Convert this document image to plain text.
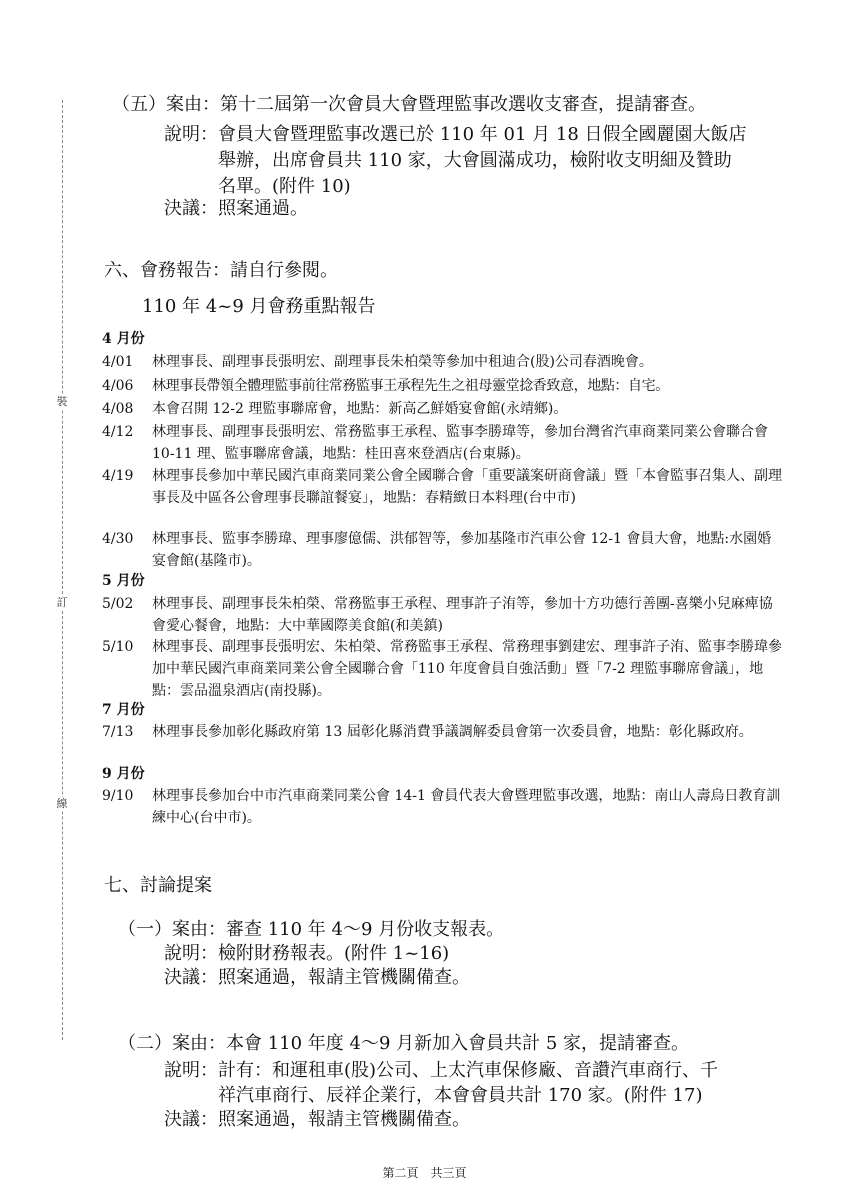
裝
訂
線
（五）案由：第十二屆第一次會員大會暨理監事改選收支審查，提請審查。
說明： 會員大會暨理監事改選已於 110 年 01 月 18 日假全國麗園大飯店
舉辦，出席會員共 110 家，大會圓滿成功，檢附收支明細及贊助
名單。(附件 10)
決議：照案通過。
六、會務報告：請自行參閱。
110 年 4~9 月會務重點報告
4 月份
4/01 林理事長、副理事長張明宏、副理事長朱柏榮等參加中租迪合(股)公司春酒晚會。
4/06 林理事長帶領全體理監事前往常務監事王承程先生之祖母靈堂捻香致意，地點：自宅。
4/08 本會召開 12-2 理監事聯席會，地點：新高乙鮮婚宴會館(永靖鄉)。
4/12 林理事長、副理事長張明宏、常務監事王承程、監事李勝瑋等，參加台灣省汽車商業同業公會聯合會 10-11 理、監事聯席會議，地點：桂田喜來登酒店(台東縣)。
4/19 林理事長參加中華民國汽車商業同業公會全國聯合會「重要議案研商會議」暨「本會監事召集人、副理事長及中區各公會理事長聯誼餐宴」，地點：春精緻日本料理(台中市)
4/30 林理事長、監事李勝瑋、理事廖億儒、洪郁智等，參加基隆市汽車公會 12-1 會員大會，地點:水園婚宴會館(基隆市)。
5 月份
5/02 林理事長、副理事長朱柏榮、常務監事王承程、理事許子洧等，參加十方功德行善團-喜樂小兒麻痺協會愛心餐會，地點：大中華國際美食館(和美鎮)
5/10 林理事長、副理事長張明宏、朱柏榮、常務監事王承程、常務理事劉建宏、理事許子洧、監事李勝瑋參加中華民國汽車商業同業公會全國聯合會「110 年度會員自強活動」暨「7-2 理監事聯席會議」，地點：雲品溫泉酒店(南投縣)。
7 月份
7/13 林理事長參加彰化縣政府第 13 屆彰化縣消費爭議調解委員會第一次委員會，地點：彰化縣政府。
9 月份
9/10 林理事長參加台中市汽車商業同業公會 14-1 會員代表大會暨理監事改選，地點：南山人壽烏日教育訓練中心(台中市)。
七、討論提案
（一）案由：審查 110 年 4～9 月份收支報表。
說明：檢附財務報表。(附件 1~16)
決議：照案通過，報請主管機關備查。
（二）案由：本會 110 年度 4～9 月新加入會員共計 5 家，提請審查。
說明： 計有：和運租車(股)公司、上太汽車保修廠、音讚汽車商行、千
祥汽車商行、辰祥企業行，本會會員共計 170 家。(附件 17)
決議：照案通過，報請主管機關備查。
第二頁　共三頁
